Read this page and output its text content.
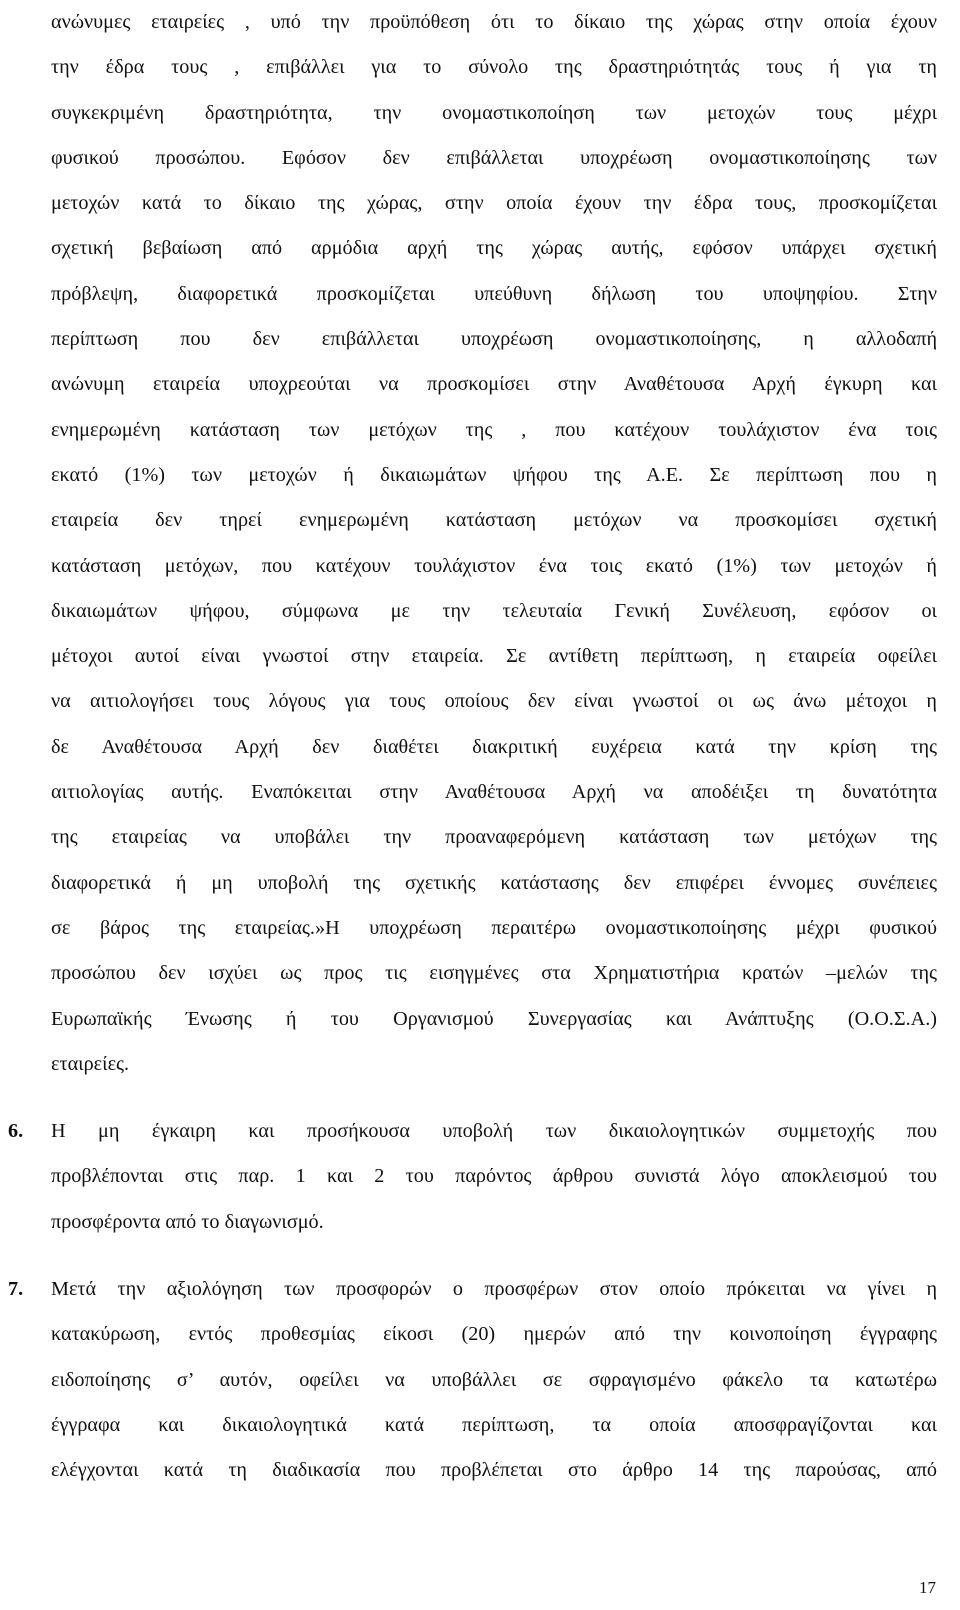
ανώνυμες εταιρείες , υπό την προϋπόθεση ότι το δίκαιο της χώρας στην οποία έχουν
την έδρα τους , επιβάλλει για το σύνολο της δραστηριότητάς τους ή για τη
συγκεκριμένη δραστηριότητα, την ονομαστικοποίηση των μετοχών τους μέχρι
φυσικού προσώπου. Εφόσον δεν επιβάλλεται υποχρέωση ονομαστικοποίησης των
μετοχών κατά το δίκαιο της χώρας, στην οποία έχουν την έδρα τους, προσκομίζεται
σχετική βεβαίωση από αρμόδια αρχή της χώρας αυτής, εφόσον υπάρχει σχετική
πρόβλεψη, διαφορετικά προσκομίζεται υπεύθυνη δήλωση του υποψηφίου. Στην
περίπτωση που δεν επιβάλλεται υποχρέωση ονομαστικοποίησης, η αλλοδαπή
ανώνυμη εταιρεία υποχρεούται να προσκομίσει στην Αναθέτουσα Αρχή έγκυρη και
ενημερωμένη κατάσταση των μετόχων της , που κατέχουν τουλάχιστον ένα τοις
εκατό (1%) των μετοχών ή δικαιωμάτων ψήφου της Α.Ε. Σε περίπτωση που η
εταιρεία δεν τηρεί ενημερωμένη κατάσταση μετόχων να προσκομίσει σχετική
κατάσταση μετόχων, που κατέχουν τουλάχιστον ένα τοις εκατό (1%) των μετοχών ή
δικαιωμάτων ψήφου, σύμφωνα με την τελευταία Γενική Συνέλευση, εφόσον οι
μέτοχοι αυτοί είναι γνωστοί στην εταιρεία. Σε αντίθετη περίπτωση, η εταιρεία οφείλει
να αιτιολογήσει τους λόγους για τους οποίους δεν είναι γνωστοί οι ως άνω μέτοχοι η
δε Αναθέτουσα Αρχή δεν διαθέτει διακριτική ευχέρεια κατά την κρίση της
αιτιολογίας αυτής. Εναπόκειται στην Αναθέτουσα Αρχή να αποδέιξει τη δυνατότητα
της εταιρείας να υποβάλει την προαναφερόμενη κατάσταση των μετόχων της
διαφορετικά ή μη υποβολή της σχετικής κατάστασης δεν επιφέρει έννομες συνέπειες
σε βάρος της εταιρείας.»Η υποχρέωση περαιτέρω ονομαστικοποίησης μέχρι φυσικού
προσώπου δεν ισχύει ως προς τις εισηγμένες στα Χρηματιστήρια κρατών –μελών της
Ευρωπαϊκής Ένωσης ή του Οργανισμού Συνεργασίας και Ανάπτυξης (Ο.Ο.Σ.Α.)
εταιρείες.
6. Η μη έγκαιρη και προσήκουσα υποβολή των δικαιολογητικών συμμετοχής που
προβλέπονται στις παρ. 1 και 2 του παρόντος άρθρου συνιστά λόγο αποκλεισμού του
προσφέροντα από το διαγωνισμό.
7. Μετά την αξιολόγηση των προσφορών ο προσφέρων στον οποίο πρόκειται να γίνει η
κατακύρωση, εντός προθεσμίας είκοσι (20) ημερών από την κοινοποίηση έγγραφης
ειδοποίησης σ’ αυτόν, οφείλει να υποβάλλει σε σφραγισμένο φάκελο τα κατωτέρω
έγγραφα και δικαιολογητικά κατά περίπτωση, τα οποία αποσφραγίζονται και
ελέγχονται κατά τη διαδικασία που προβλέπεται στο άρθρο 14 της παρούσας, από
17
